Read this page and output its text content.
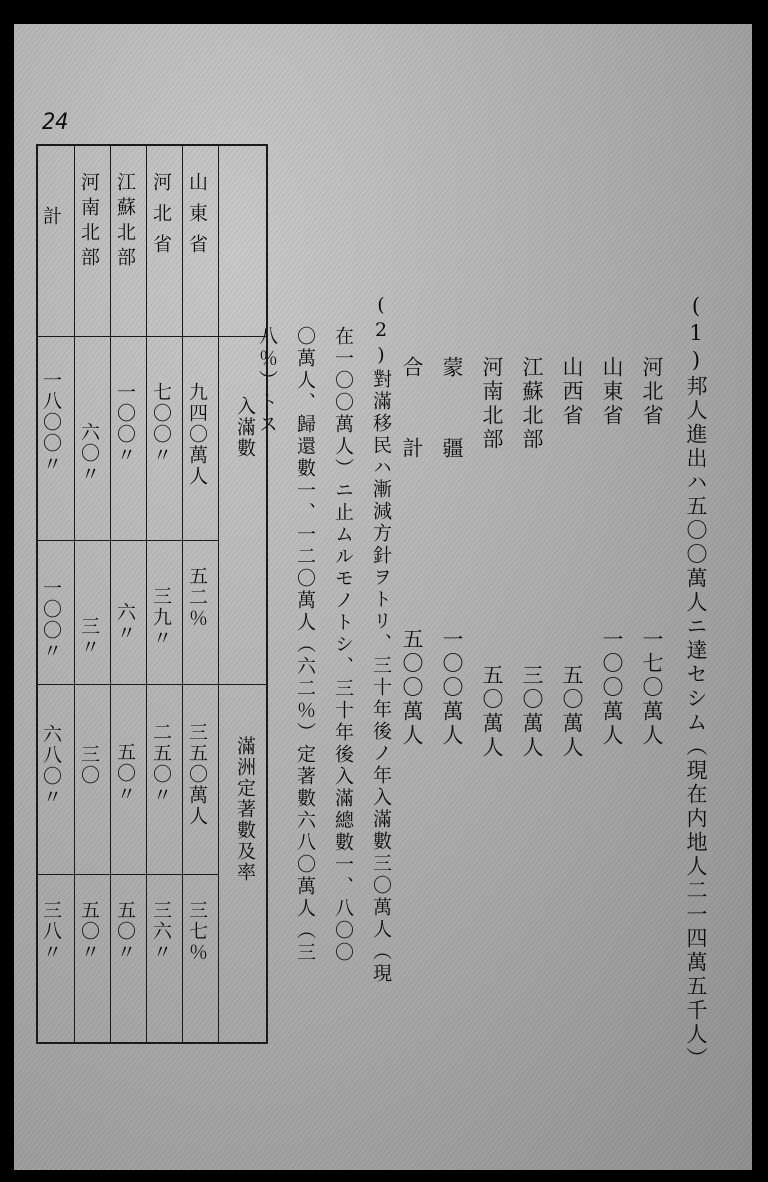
24
(1)邦人進出ハ五〇〇萬人ニ達セシム（現在内地人二一四萬五千人）
河北省
一七〇萬人
山東省
一〇〇萬人
山西省
五〇萬人
江蘇北部
三〇萬人
河南北部
五〇萬人
蒙疆
一〇〇萬人
合計
五〇〇萬人
(2)對滿移民ハ漸減方針ヲトリ、三十年後ノ年入滿數三〇萬人（現
在一〇〇萬人）ニ止ムルモノトシ、三十年後入滿總數一、八〇〇
〇萬人、歸還數一、一二〇萬人（六二％）定著數六八〇萬人（三
八％）トス
入滿數
滿洲定著數及率
山東省
九四〇萬人
五二％
三五〇萬人
三七％
河北省
七〇〇〃
三九〃
二五〇〃
三六〃
江蘇北部
一〇〇〃
六〃
五〇〃
五〇〃
河南北部
六〇〃
三〃
三〇
五〇〃
計
一八〇〇〃
一〇〇〃
六八〇〃
三八〃
